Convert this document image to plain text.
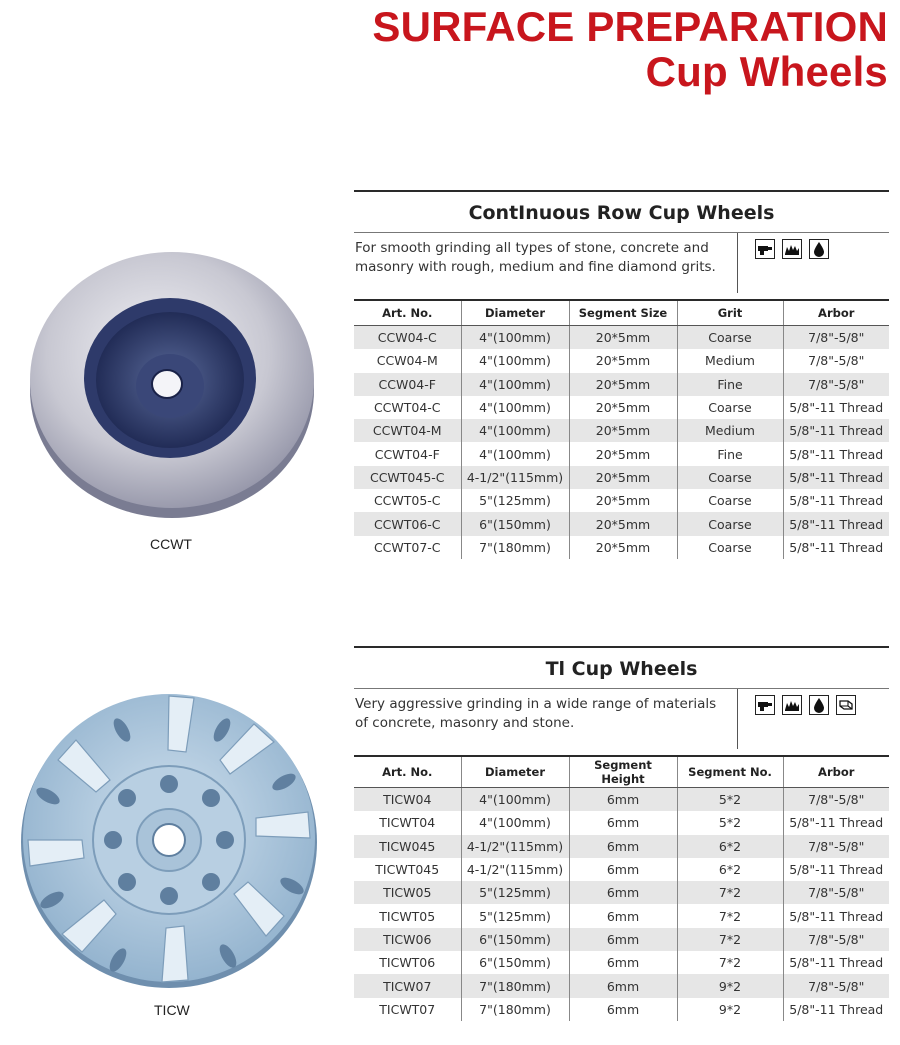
SURFACE PREPARATION
Cup Wheels
CCWT
ContInuous Row Cup Wheels
For smooth grinding all types of stone, concrete and masonry with rough, medium and fine diamond grits.
Art. No.	Diameter	Segment Size	Grit	Arbor
CCW04-C	4"(100mm)	20*5mm	Coarse	7/8"-5/8"
CCW04-M	4"(100mm)	20*5mm	Medium	7/8"-5/8"
CCW04-F	4"(100mm)	20*5mm	Fine	7/8"-5/8"
CCWT04-C	4"(100mm)	20*5mm	Coarse	5/8"-11 Thread
CCWT04-M	4"(100mm)	20*5mm	Medium	5/8"-11 Thread
CCWT04-F	4"(100mm)	20*5mm	Fine	5/8"-11 Thread
CCWT045-C	4-1/2"(115mm)	20*5mm	Coarse	5/8"-11 Thread
CCWT05-C	5"(125mm)	20*5mm	Coarse	5/8"-11 Thread
CCWT06-C	6"(150mm)	20*5mm	Coarse	5/8"-11 Thread
CCWT07-C	7"(180mm)	20*5mm	Coarse	5/8"-11 Thread
TICW
Tl Cup Wheels
Very aggressive grinding in a wide range of materials of concrete, masonry and stone.
Art. No.	Diameter	Segment Height	Segment No.	Arbor
TICW04	4"(100mm)	6mm	5*2	7/8"-5/8"
TICWT04	4"(100mm)	6mm	5*2	5/8"-11 Thread
TICW045	4-1/2"(115mm)	6mm	6*2	7/8"-5/8"
TICWT045	4-1/2"(115mm)	6mm	6*2	5/8"-11 Thread
TICW05	5"(125mm)	6mm	7*2	7/8"-5/8"
TICWT05	5"(125mm)	6mm	7*2	5/8"-11 Thread
TICW06	6"(150mm)	6mm	7*2	7/8"-5/8"
TICWT06	6"(150mm)	6mm	7*2	5/8"-11 Thread
TICW07	7"(180mm)	6mm	9*2	7/8"-5/8"
TICWT07	7"(180mm)	6mm	9*2	5/8"-11 Thread
